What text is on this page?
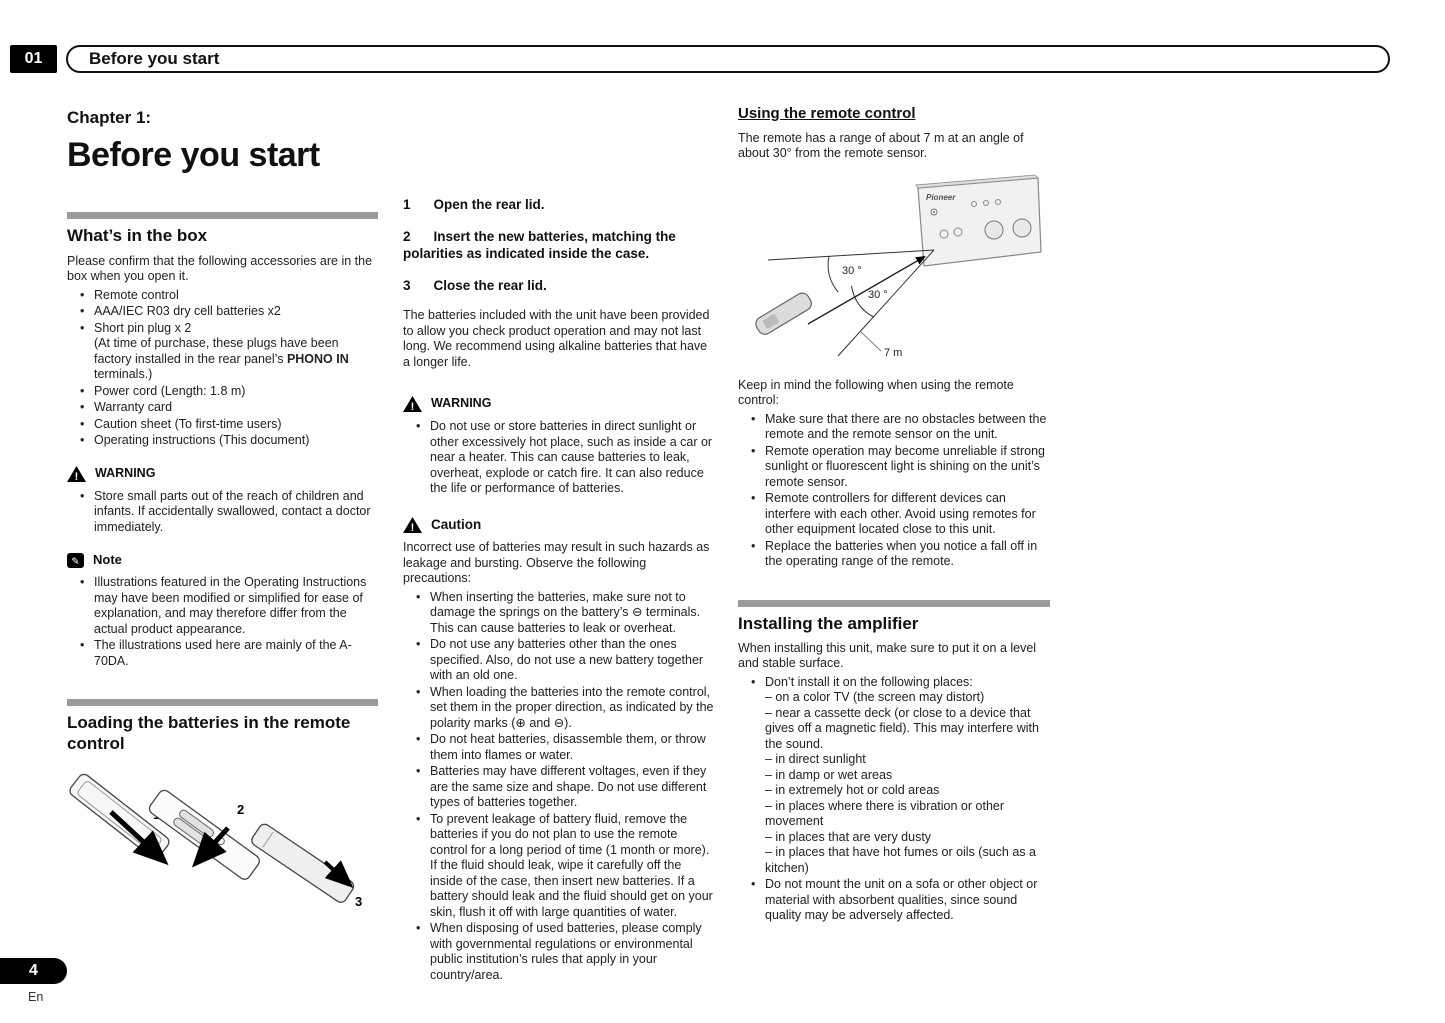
01	Before you start
Chapter 1:
Before you start
What’s in the box

Please confirm that the following accessories are in the box when you open it.

• Remote control
• AAA/IEC R03 dry cell batteries x2
• Short pin plug x 2
(At time of purchase, these plugs have been factory installed in the rear panel’s PHONO IN terminals.)
• Power cord (Length: 1.8 m)
• Warranty card
• Caution sheet (To first-time users)
• Operating instructions (This document)
! WARNING
• Store small parts out of the reach of children and infants. If accidentally swallowed, contact a doctor immediately.
✎ Note
• Illustrations featured in the Operating Instructions may have been modified or simplified for ease of explanation, and may therefore differ from the actual product appearance.
• The illustrations used here are mainly of the A-70DA.
Loading the batteries in the remote control
2
3

1 Open the rear lid.

2 Insert the new batteries, matching the polarities as indicated inside the case.

3 Close the rear lid.

The batteries included with the unit have been provided to allow you check product operation and may not last long. We recommend using alkaline batteries that have a longer life.

! WARNING
• Do not use or store batteries in direct sunlight or other excessively hot place, such as inside a car or near a heater. This can cause batteries to leak, overheat, explode or catch fire. It can also reduce the life or performance of batteries.
! Caution

Incorrect use of batteries may result in such hazards as leakage and bursting. Observe the following precautions:

• When inserting the batteries, make sure not to damage the springs on the battery’s ⊖ terminals. This can cause batteries to leak or overheat.
• Do not use any batteries other than the ones specified. Also, do not use a new battery together with an old one.
• When loading the batteries into the remote control, set them in the proper direction, as indicated by the polarity marks (⊕ and ⊖).
• Do not heat batteries, disassemble them, or throw them into flames or water.
• Batteries may have different voltages, even if they are the same size and shape. Do not use different types of batteries together.
• To prevent leakage of battery fluid, remove the batteries if you do not plan to use the remote control for a long period of time (1 month or more). If the fluid should leak, wipe it carefully off the inside of the case, then insert new batteries. If a battery should leak and the fluid should get on your skin, flush it off with large quantities of water.
• When disposing of used batteries, please comply with governmental regulations or environmental public institution’s rules that apply in your country/area.
Using the remote control

The remote has a range of about 7 m at an angle of about 30° from the remote sensor.

Pioneer
30 °
30 °
7 m

Keep in mind the following when using the remote control:

• Make sure that there are no obstacles between the remote and the remote sensor on the unit.
• Remote operation may become unreliable if strong sunlight or fluorescent light is shining on the unit’s remote sensor.
• Remote controllers for different devices can interfere with each other. Avoid using remotes for other equipment located close to this unit.
• Replace the batteries when you notice a fall off in the operating range of the remote.
Installing the amplifier

When installing this unit, make sure to put it on a level and stable surface.

• Don’t install it on the following places:
– on a color TV (the screen may distort)
– near a cassette deck (or close to a device that gives off a magnetic field). This may interfere with the sound.
– in direct sunlight
– in damp or wet areas
– in extremely hot or cold areas
– in places where there is vibration or other movement
– in places that are very dusty
– in places that have hot fumes or oils (such as a kitchen)
• Do not mount the unit on a sofa or other object or material with absorbent qualities, since sound quality may be adversely affected.
4
En
